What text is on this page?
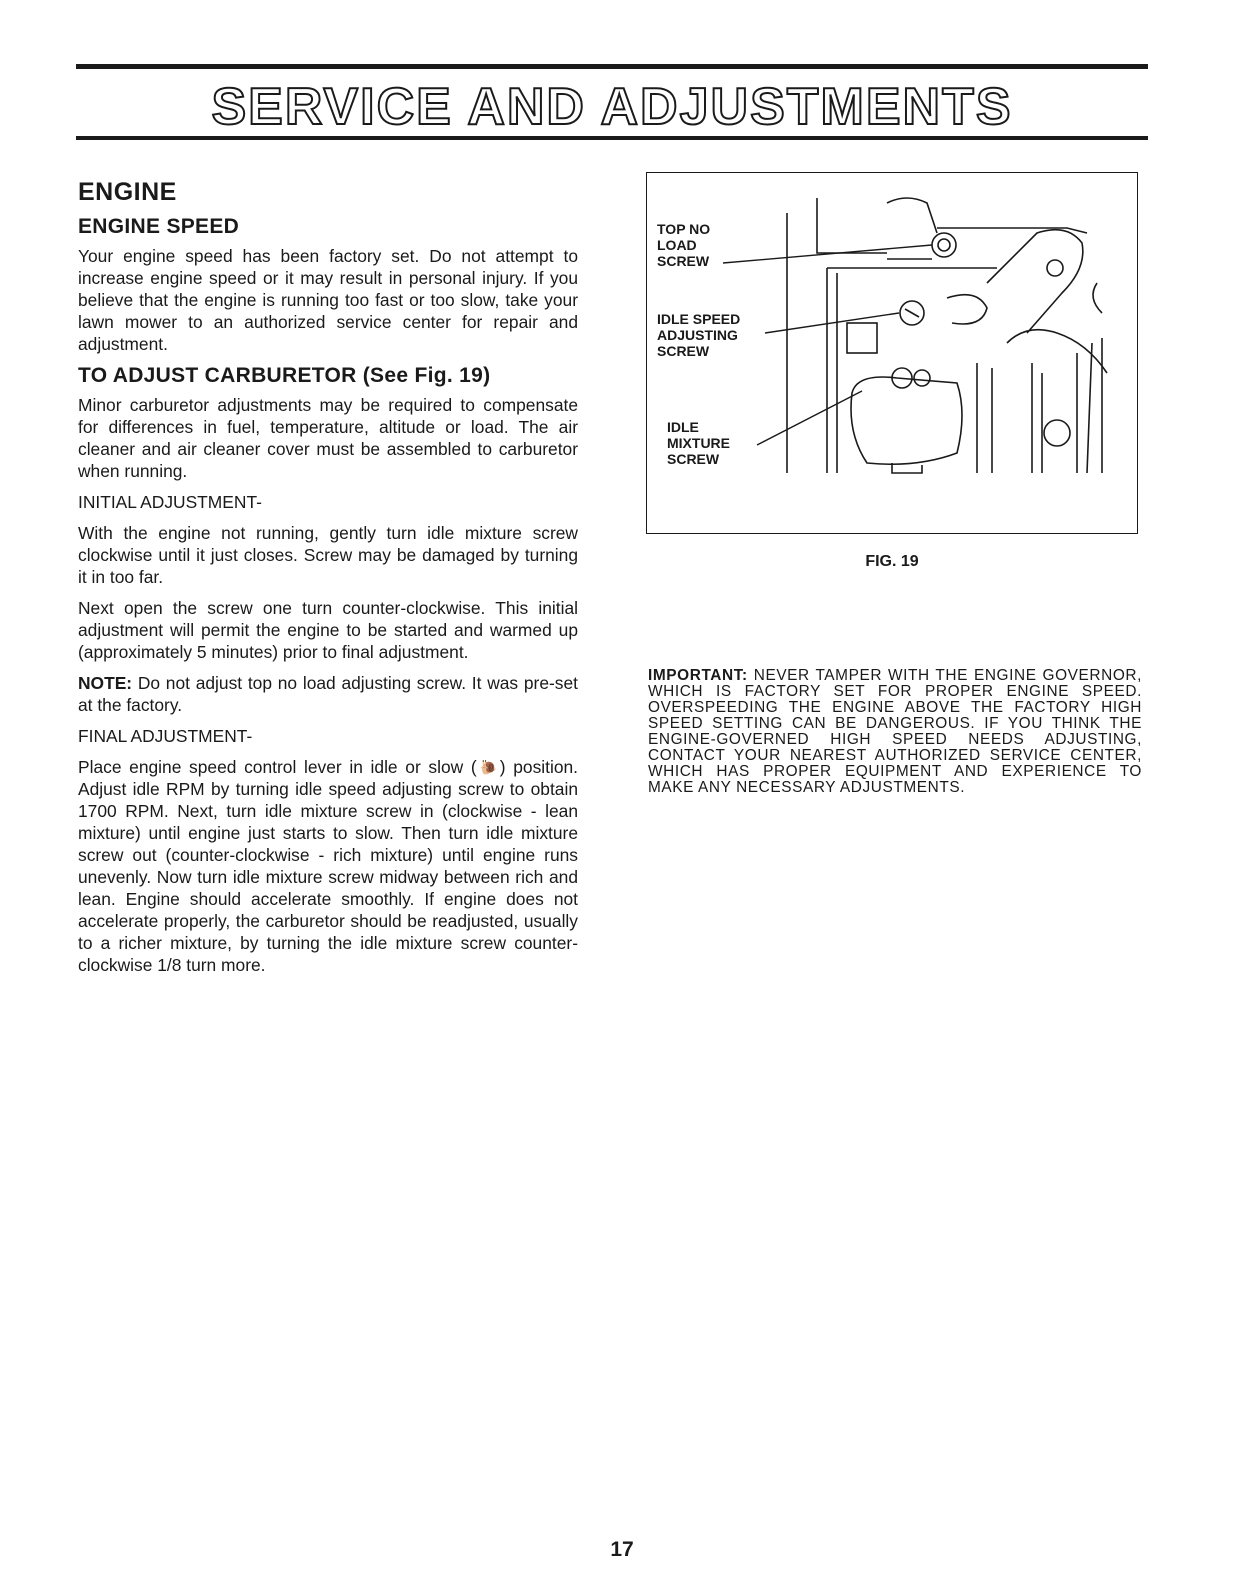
SERVICE AND ADJUSTMENTS
ENGINE
ENGINE SPEED

Your engine speed has been factory set. Do not attempt to increase engine speed or it may result in personal injury. If you believe that the engine is running too fast or too slow, take your lawn mower to an authorized service center for repair and adjustment.

TO ADJUST CARBURETOR (See Fig. 19)

Minor carburetor adjustments may be required to compensate for differences in fuel, temperature, altitude or load. The air cleaner and air cleaner cover must be assembled to carburetor when running.

INITIAL ADJUSTMENT-

With the engine not running, gently turn idle mixture screw clockwise until it just closes. Screw may be damaged by turning it in too far.

Next open the screw one turn counter-clockwise. This initial adjustment will permit the engine to be started and warmed up (approximately 5 minutes) prior to final adjustment.

NOTE: Do not adjust top no load adjusting screw. It was pre-set at the factory.

FINAL ADJUSTMENT-

Place engine speed control lever in idle or slow (🐌) position. Adjust idle RPM by turning idle speed adjusting screw to obtain 1700 RPM. Next, turn idle mixture screw in (clockwise - lean mixture) until engine just starts to slow. Then turn idle mixture screw out (counter-clockwise - rich mixture) until engine runs unevenly. Now turn idle mixture screw midway between rich and lean. Engine should accelerate smoothly. If engine does not accelerate properly, the carburetor should be readjusted, usually to a richer mixture, by turning the idle mixture screw counter-clockwise 1/8 turn more.

TOP NO
LOAD
SCREW
IDLE SPEED
ADJUSTING
SCREW
IDLE
MIXTURE
SCREW
FIG. 19
IMPORTANT: NEVER TAMPER WITH THE ENGINE GOVERNOR, WHICH IS FACTORY SET FOR PROPER ENGINE SPEED. OVERSPEEDING THE ENGINE ABOVE THE FACTORY HIGH SPEED SETTING CAN BE DANGEROUS. IF YOU THINK THE ENGINE-GOVERNED HIGH SPEED NEEDS ADJUSTING, CONTACT YOUR NEAREST AUTHORIZED SERVICE CENTER, WHICH HAS PROPER EQUIPMENT AND EXPERIENCE TO MAKE ANY NECESSARY ADJUSTMENTS.
17
